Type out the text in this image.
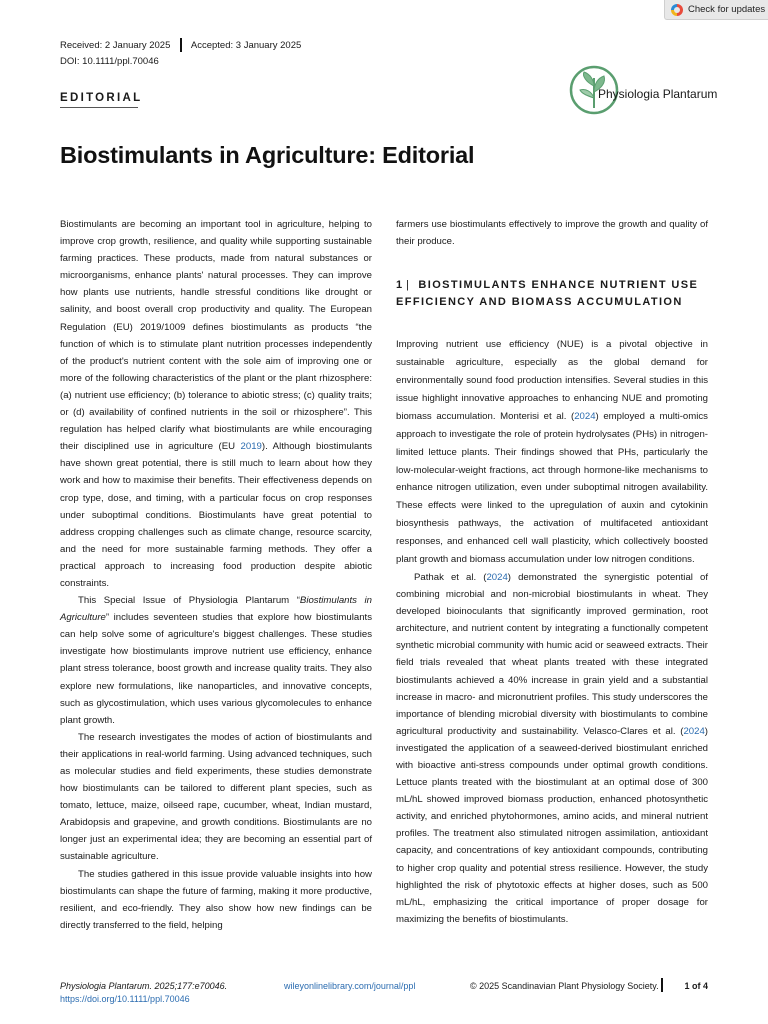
Check for updates
Received: 2 January 2025 Accepted: 3 January 2025
DOI: 10.1111/ppl.70046
EDITORIAL	Physiologia Plantarum
Biostimulants in Agriculture: Editorial

Biostimulants are becoming an important tool in agriculture, helping to improve crop growth, resilience, and quality while supporting sustainable farming practices. These products, made from natural substances or microorganisms, enhance plants' natural processes. They can improve how plants use nutrients, handle stressful conditions like drought or salinity, and boost overall crop productivity and quality. The European Regulation (EU) 2019/1009 defines biostimulants as products “the function of which is to stimulate plant nutrition processes independently of the product's nutrient content with the sole aim of improving one or more of the following characteristics of the plant or the plant rhizosphere: (a) nutrient use efficiency; (b) tolerance to abiotic stress; (c) quality traits; or (d) availability of confined nutrients in the soil or rhizosphere”. This regulation has helped clarify what biostimulants are while encouraging their disciplined use in agriculture (EU 2019). Although biostimulants have shown great potential, there is still much to learn about how they work and how to maximise their benefits. Their effectiveness depends on crop type, dose, and timing, with a particular focus on crop responses under suboptimal conditions. Biostimulants have great potential to address cropping challenges such as climate change, resource scarcity, and the need for more sustainable farming methods. They offer a practical approach to increasing food production despite abiotic constraints.

This Special Issue of Physiologia Plantarum “Biostimulants in Agriculture” includes seventeen studies that explore how biostimulants can help solve some of agriculture's biggest challenges. These studies investigate how biostimulants improve nutrient use efficiency, enhance plant stress tolerance, boost growth and increase quality traits. They also explore new formulations, like nanoparticles, and innovative concepts, such as glycostimulation, which uses various glycomolecules to enhance plant growth.

The research investigates the modes of action of biostimulants and their applications in real-world farming. Using advanced techniques, such as molecular studies and field experiments, these studies demonstrate how biostimulants can be tailored to different plant species, such as tomato, lettuce, maize, oilseed rape, cucumber, wheat, Indian mustard, Arabidopsis and grapevine, and growth conditions. Biostimulants are no longer just an experimental idea; they are becoming an essential part of sustainable agriculture.

The studies gathered in this issue provide valuable insights into how biostimulants can shape the future of farming, making it more productive, resilient, and eco-friendly. They also show how new findings can be directly transferred to the field, helping

farmers use biostimulants effectively to improve the growth and quality of their produce.

1 | BIOSTIMULANTS ENHANCE NUTRIENT USE EFFICIENCY AND BIOMASS ACCUMULATION

Improving nutrient use efficiency (NUE) is a pivotal objective in sustainable agriculture, especially as the global demand for environmentally sound food production intensifies. Several studies in this issue highlight innovative approaches to enhancing NUE and promoting biomass accumulation. Monterisi et al. (2024) employed a multi-omics approach to investigate the role of protein hydrolysates (PHs) in nitrogen-limited lettuce plants. Their findings showed that PHs, particularly the low-molecular-weight fractions, act through hormone-like mechanisms to enhance nitrogen utilization, even under suboptimal nitrogen availability. These effects were linked to the upregulation of auxin and cytokinin biosynthesis pathways, the activation of multifaceted antioxidant responses, and enhanced cell wall plasticity, which collectively boosted plant growth and biomass accumulation under low nitrogen conditions.

Pathak et al. (2024) demonstrated the synergistic potential of combining microbial and non-microbial biostimulants in wheat. They developed bioinoculants that significantly improved germination, root architecture, and nutrient content by integrating a functionally competent synthetic microbial community with humic acid or seaweed extracts. Their field trials revealed that wheat plants treated with these integrated biostimulants achieved a 40% increase in grain yield and a substantial increase in macro- and micronutrient profiles. This study underscores the importance of blending microbial diversity with biostimulants to combine agricultural productivity and sustainability. Velasco-Clares et al. (2024) investigated the application of a seaweed-derived biostimulant enriched with bioactive anti-stress compounds under optimal growth conditions. Lettuce plants treated with the biostimulant at an optimal dose of 300 mL/hL showed improved biomass production, enhanced photosynthetic activity, and enriched phytohormones, amino acids, and mineral nutrient profiles. The treatment also stimulated nitrogen assimilation, antioxidant capacity, and concentrations of key antioxidant compounds, contributing to higher crop quality and potential stress resilience. However, the study highlighted the risk of phytotoxic effects at higher doses, such as 500 mL/hL, emphasizing the critical importance of proper dosage for maximizing the benefits of biostimulants.

Physiologia Plantarum. 2025;177:e70046.
https://doi.org/10.1111/ppl.70046
wileyonlinelibrary.com/journal/ppl	© 2025 Scandinavian Plant Physiology Society.	1 of 4
